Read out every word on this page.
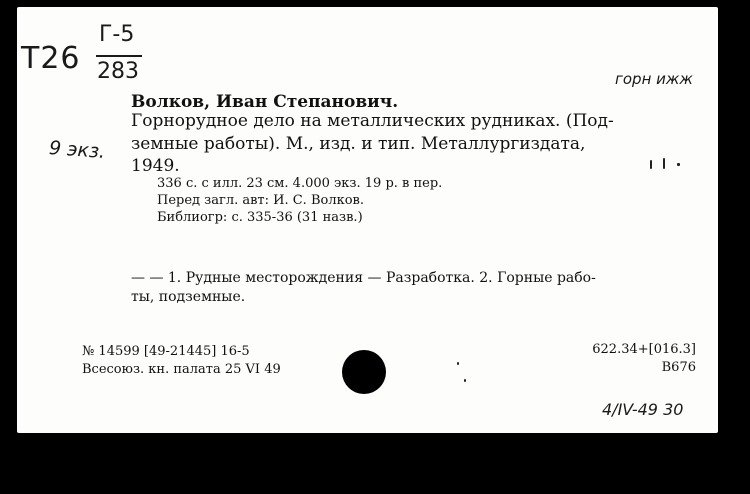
T26
Г-5
283	горн ижж
9 экз.
Волков, Иван Степанович.
Горнорудное дело на металлических рудниках. (Под-
земные работы). М., изд. и тип. Металлургиздата,
1949.
336 с. с илл. 23 см. 4.000 экз. 19 р. в пер.
Перед загл. авт: И. С. Волков.
Библиогр: с. 335-36 (31 назв.)
— — 1. Рудные месторождения — Разработка. 2. Горные рабо-
ты, подземные.
№ 14599 [49-21445] 16-5
Всесоюз. кн. палата 25 VI 49
622.34+[016.3]
В676
4/IV-49 30
